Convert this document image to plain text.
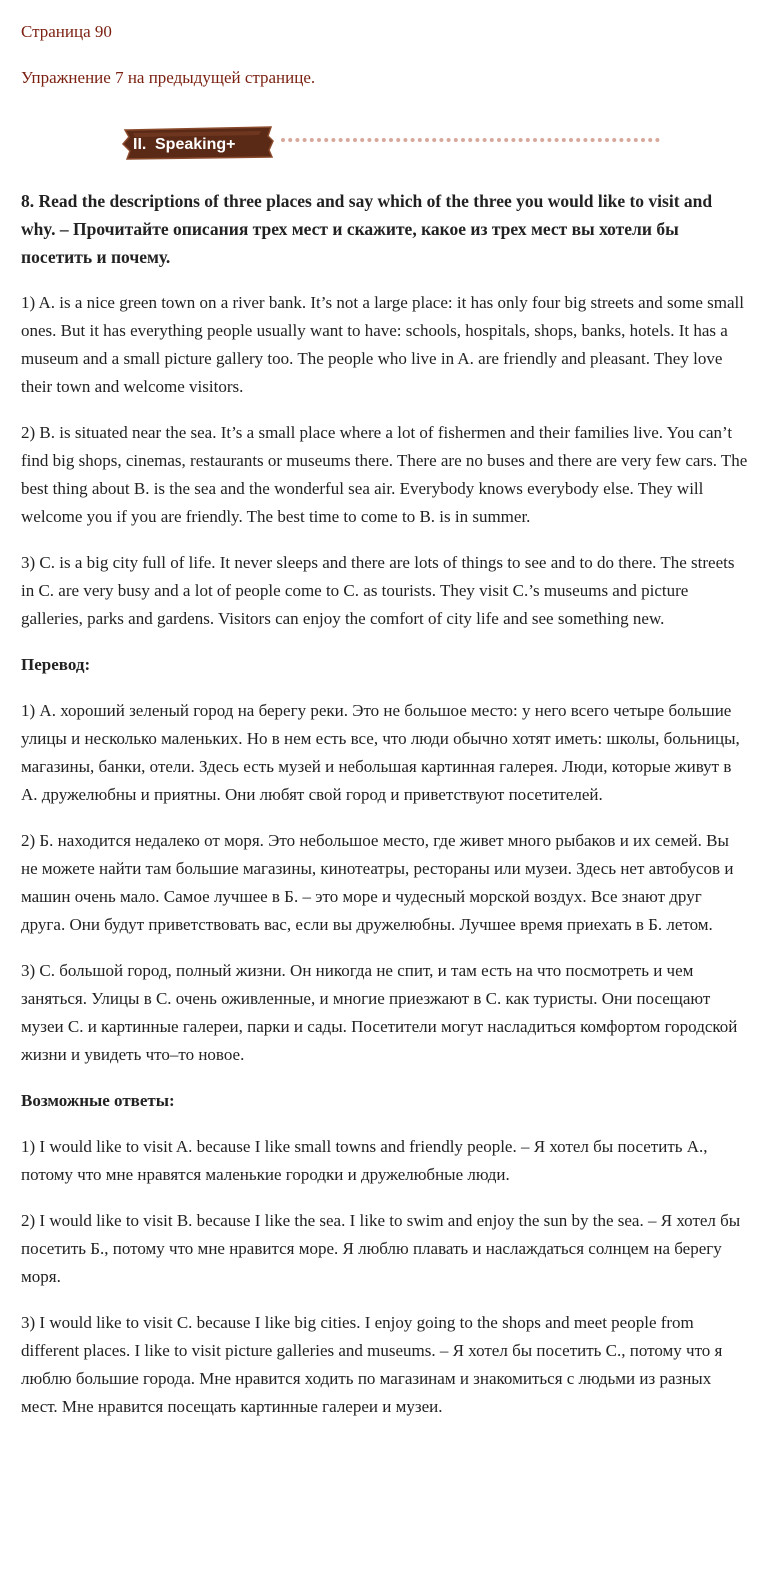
Страница 90
Упражнение 7 на предыдущей странице.
II. Speaking+

8. Read the descriptions of three places and say which of the three you would like to visit and why. – Прочитайте описания трех мест и скажите, какое из трех мест вы хотели бы посетить и почему.

1) A. is a nice green town on a river bank. It’s not a large place: it has only four big streets and some small ones. But it has everything people usually want to have: schools, hospitals, shops, banks, hotels. It has a museum and a small picture gallery too. The people who live in A. are friendly and pleasant. They love their town and welcome visitors.

2) B. is situated near the sea. It’s a small place where a lot of fishermen and their families live. You can’t find big shops, cinemas, restaurants or museums there. There are no buses and there are very few cars. The best thing about B. is the sea and the wonderful sea air. Everybody knows everybody else. They will welcome you if you are friendly. The best time to come to B. is in summer.

3) C. is a big city full of life. It never sleeps and there are lots of things to see and to do there. The streets in C. are very busy and a lot of people come to C. as tourists. They visit C.’s museums and picture galleries, parks and gardens. Visitors can enjoy the comfort of city life and see something new.

Перевод:

1) А. хороший зеленый город на берегу реки. Это не большое место: у него всего четыре большие улицы и несколько маленьких. Но в нем есть все, что люди обычно хотят иметь: школы, больницы, магазины, банки, отели. Здесь есть музей и небольшая картинная галерея. Люди, которые живут в А. дружелюбны и приятны. Они любят свой город и приветствуют посетителей.

2) Б. находится недалеко от моря. Это небольшое место, где живет много рыбаков и их семей. Вы не можете найти там большие магазины, кинотеатры, рестораны или музеи. Здесь нет автобусов и машин очень мало. Самое лучшее в Б. – это море и чудесный морской воздух. Все знают друг друга. Они будут приветствовать вас, если вы дружелюбны. Лучшее время приехать в Б. летом.

3) С. большой город, полный жизни. Он никогда не спит, и там есть на что посмотреть и чем заняться. Улицы в С. очень оживленные, и многие приезжают в С. как туристы. Они посещают музеи С. и картинные галереи, парки и сады. Посетители могут насладиться комфортом городской жизни и увидеть что–то новое.

Возможные ответы:

1) I would like to visit A. because I like small towns and friendly people. – Я хотел бы посетить А., потому что мне нравятся маленькие городки и дружелюбные люди.

2) I would like to visit B. because I like the sea. I like to swim and enjoy the sun by the sea. – Я хотел бы посетить Б., потому что мне нравится море. Я люблю плавать и наслаждаться солнцем на берегу моря.

3) I would like to visit C. because I like big cities. I enjoy going to the shops and meet people from different places. I like to visit picture galleries and museums. – Я хотел бы посетить С., потому что я люблю большие города. Мне нравится ходить по магазинам и знакомиться с людьми из разных мест. Мне нравится посещать картинные галереи и музеи.
